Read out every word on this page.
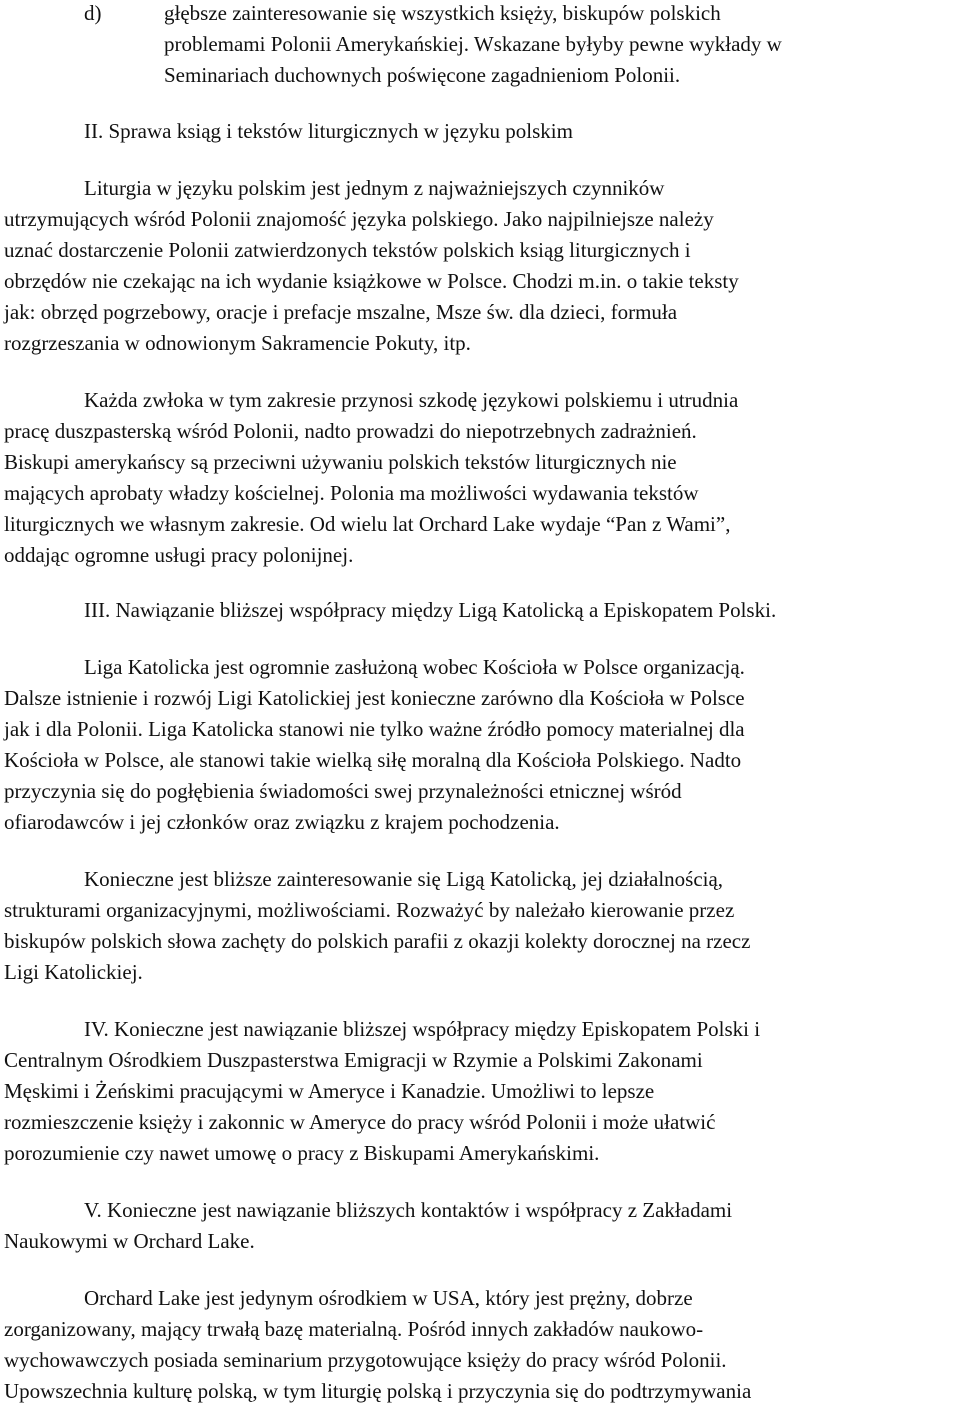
d)	głębsze zainteresowanie się wszystkich księży, biskupów polskich
problemami Polonii Amerykańskiej. Wskazane byłyby pewne wykłady w
Seminariach duchownych poświęcone zagadnieniom Polonii.
II. Sprawa ksiąg i tekstów liturgicznych w języku polskim
Liturgia w języku polskim jest jednym z najważniejszych czynników
utrzymujących wśród Polonii znajomość języka polskiego. Jako najpilniejsze należy
uznać dostarczenie Polonii zatwierdzonych tekstów polskich ksiąg liturgicznych i
obrzędów nie czekając na ich wydanie książkowe w Polsce. Chodzi m.in. o takie teksty
jak: obrzęd pogrzebowy, oracje i prefacje mszalne, Msze św. dla dzieci, formuła
rozgrzeszania w odnowionym Sakramencie Pokuty, itp.
Każda zwłoka w tym zakresie przynosi szkodę językowi polskiemu i utrudnia
pracę duszpasterską wśród Polonii, nadto prowadzi do niepotrzebnych zadrażnień.
Biskupi amerykańscy są przeciwni używaniu polskich tekstów liturgicznych nie
mających aprobaty władzy kościelnej. Polonia ma możliwości wydawania tekstów
liturgicznych we własnym zakresie. Od wielu lat Orchard Lake wydaje “Pan z Wami”,
oddając ogromne usługi pracy polonijnej.
III. Nawiązanie bliższej współpracy między Ligą Katolicką a Episkopatem Polski.
Liga Katolicka jest ogromnie zasłużoną wobec Kościoła w Polsce organizacją.
Dalsze istnienie i rozwój Ligi Katolickiej jest konieczne zarówno dla Kościoła w Polsce
jak i dla Polonii. Liga Katolicka stanowi nie tylko ważne źródło pomocy materialnej dla
Kościoła w Polsce, ale stanowi takie wielką siłę moralną dla Kościoła Polskiego. Nadto
przyczynia się do pogłębienia świadomości swej przynależności etnicznej wśród
ofiarodawców i jej członków oraz związku z krajem pochodzenia.
Konieczne jest bliższe zainteresowanie się Ligą Katolicką, jej działalnością,
strukturami organizacyjnymi, możliwościami. Rozważyć by należało kierowanie przez
biskupów polskich słowa zachęty do polskich parafii z okazji kolekty dorocznej na rzecz
Ligi Katolickiej.
IV. Konieczne jest nawiązanie bliższej współpracy między Episkopatem Polski i
Centralnym Ośrodkiem Duszpasterstwa Emigracji w Rzymie a Polskimi Zakonami
Męskimi i Żeńskimi pracującymi w Ameryce i Kanadzie. Umożliwi to lepsze
rozmieszczenie księży i zakonnic w Ameryce do pracy wśród Polonii i może ułatwić
porozumienie czy nawet umowę o pracy z Biskupami Amerykańskimi.
V. Konieczne jest nawiązanie bliższych kontaktów i współpracy z Zakładami
Naukowymi w Orchard Lake.
Orchard Lake jest jedynym ośrodkiem w USA, który jest prężny, dobrze
zorganizowany, mający trwałą bazę materialną. Pośród innych zakładów naukowo-
wychowawczych posiada seminarium przygotowujące księży do pracy wśród Polonii.
Upowszechnia kulturę polską, w tym liturgię polską i przyczynia się do podtrzymywania
